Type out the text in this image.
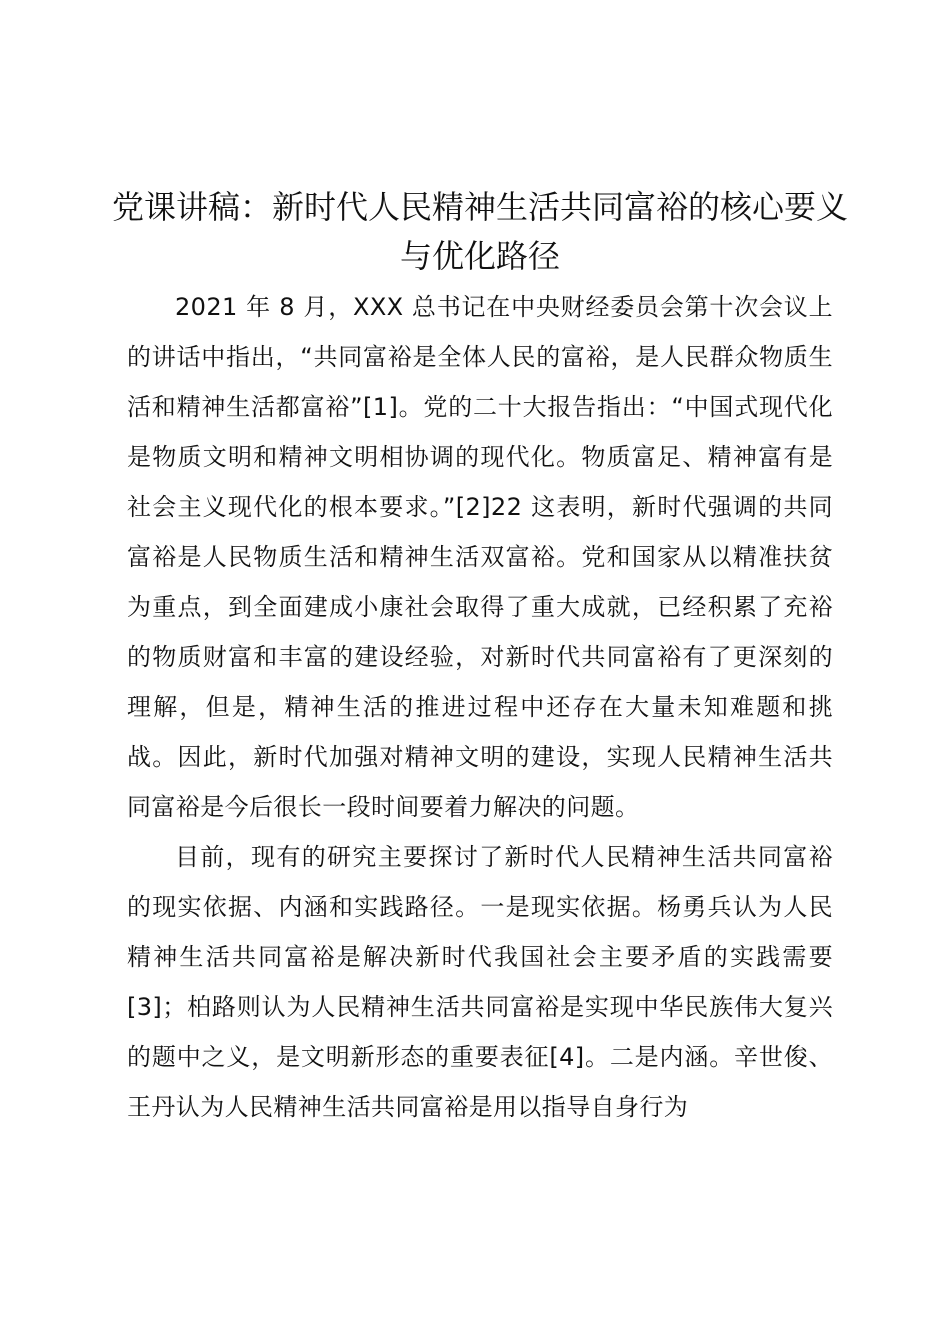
党课讲稿：新时代人民精神生活共同富裕的核心要义与优化路径

2021 年 8 月，XXX 总书记在中央财经委员会第十次会议上的讲话中指出，“共同富裕是全体人民的富裕，是人民群众物质生活和精神生活都富裕”[1]。党的二十大报告指出：“中国式现代化是物质文明和精神文明相协调的现代化。物质富足、精神富有是社会主义现代化的根本要求。”[2]22 这表明，新时代强调的共同富裕是人民物质生活和精神生活双富裕。党和国家从以精准扶贫为重点，到全面建成小康社会取得了重大成就，已经积累了充裕的物质财富和丰富的建设经验，对新时代共同富裕有了更深刻的理解，但是，精神生活的推进过程中还存在大量未知难题和挑战。因此，新时代加强对精神文明的建设，实现人民精神生活共同富裕是今后很长一段时间要着力解决的问题。

目前，现有的研究主要探讨了新时代人民精神生活共同富裕的现实依据、内涵和实践路径。一是现实依据。杨勇兵认为人民精神生活共同富裕是解决新时代我国社会主要矛盾的实践需要[3]；柏路则认为人民精神生活共同富裕是实现中华民族伟大复兴的题中之义，是文明新形态的重要表征[4]。二是内涵。辛世俊、王丹认为人民精神生活共同富裕是用以指导自身行为
